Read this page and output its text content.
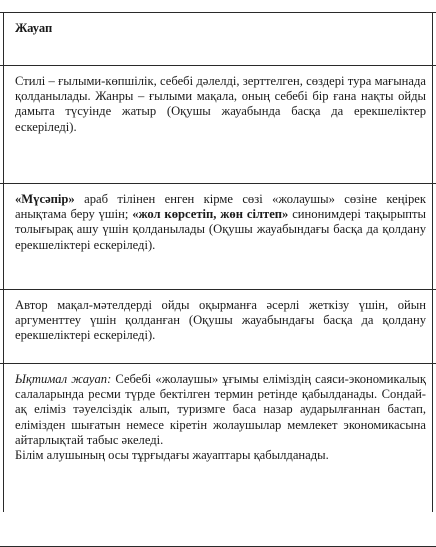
Жауап
Стилі – ғылыми-көпшілік, себебі дәлелді, зерттелген, сөздері тура мағынада қолданылады. Жанры – ғылыми мақала, оның себебі бір ғана нақты ойды дамыта түсуінде жатыр (Оқушы жауабында басқа да ерекшеліктер ескеріледі).
«Мүсәпір» араб тілінен енген кірме сөзі «жолаушы» сөзіне кеңірек анықтама беру үшін; «жол көрсетіп, жөн сілтеп» синонимдері тақырыпты толығырақ ашу үшін қолданылады (Оқушы жауабындағы басқа да қолдану ерекшеліктері ескеріледі).
Автор мақал-мәтелдерді ойды оқырманға әсерлі жеткізу үшін, ойын аргументтеу үшін қолданған (Оқушы жауабындағы басқа да қолдану ерекшеліктері ескеріледі).
Ықтимал жауап: Себебі «жолаушы» ұғымы еліміздің саяси-экономикалық салаларында ресми түрде бектілген термин ретінде қабылданады. Сондай-ақ еліміз тәуелсіздік алып, туризмге баса назар аударылғаннан бастап, елімізден шығатын немесе кіретін жолаушылар мемлекет экономикасына айтарлықтай табыс әкеледі.
Білім алушының осы тұрғыдағы жауаптары қабылданады.
